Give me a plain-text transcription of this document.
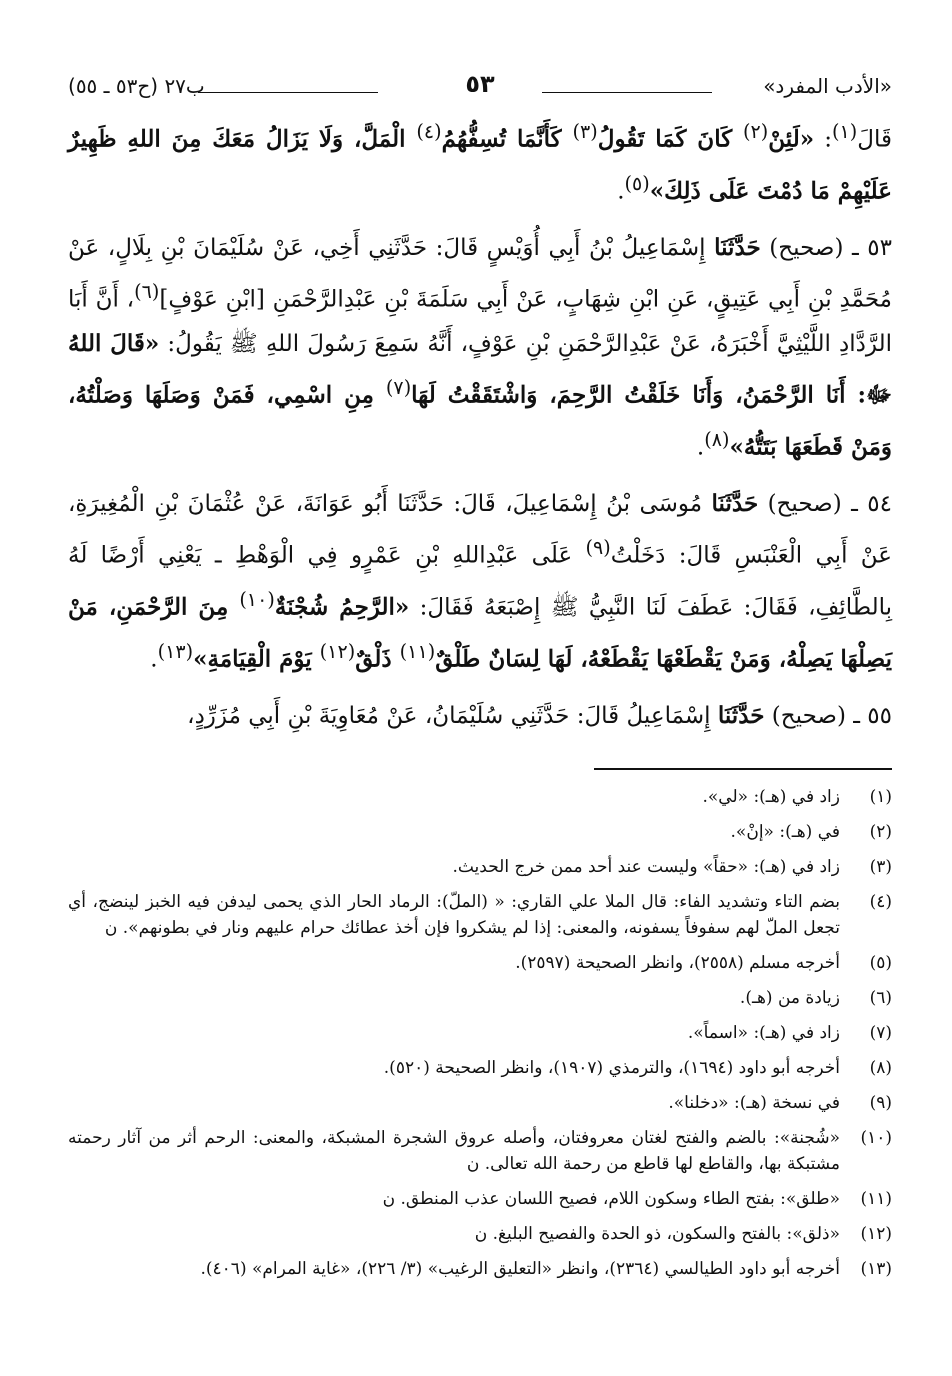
«الأدب المفرد»
٥٣
ب٢٧ (ح٥٣ ـ ٥٥)

قَالَ$^{(١)}$: «لَئِنْ$^{(٢)}$ كَانَ كَمَا تَقُولُ$^{(٣)}$ كَأَنَّمَا تُسِفُّهُمُ$^{(٤)}$ الْمَلَّ، وَلَا يَزَالُ مَعَكَ مِنَ اللهِ ظَهِيرٌ عَلَيْهِمْ مَا دُمْتَ عَلَى ذَلِكَ»$^{(٥)}$.

٥٣ ـ (صحيح) حَدَّثَنَا إِسْمَاعِيلُ بْنُ أَبِي أُوَيْسٍ قَالَ: حَدَّثَنِي أَخِي، عَنْ سُلَيْمَانَ بْنِ بِلَالٍ، عَنْ مُحَمَّدِ بْنِ أَبِي عَتِيقٍ، عَنِ ابْنِ شِهَابٍ، عَنْ أَبِي سَلَمَةَ بْنِ عَبْدِالرَّحْمَنِ [ابْنِ عَوْفٍ]$^{(٦)}$، أَنَّ أَبَا الرَّدَّادِ اللَّيْثِيَّ أَخْبَرَهُ، عَنْ عَبْدِالرَّحْمَنِ بْنِ عَوْفٍ، أَنَّهُ سَمِعَ رَسُولَ اللهِ ﷺ يَقُولُ: «قَالَ اللهُ ﷻ: أَنَا الرَّحْمَنُ، وَأَنَا خَلَقْتُ الرَّحِمَ، وَاشْتَقَقْتُ لَهَا$^{(٧)}$ مِنِ اسْمِي، فَمَنْ وَصَلَهَا وَصَلْتُهُ، وَمَنْ قَطَعَهَا بَتَتُّهُ»$^{(٨)}$.

٥٤ ـ (صحيح) حَدَّثَنَا مُوسَى بْنُ إِسْمَاعِيلَ، قَالَ: حَدَّثَنَا أَبُو عَوَانَةَ، عَنْ عُثْمَانَ بْنِ الْمُغِيرَةِ، عَنْ أَبِي الْعَنْبَسِ قَالَ: دَخَلْتُ$^{(٩)}$ عَلَى عَبْدِاللهِ بْنِ عَمْرٍو فِي الْوَهْطِ ـ يَعْنِي أَرْضًا لَهُ بِالطَّائِفِ، فَقَالَ: عَطَفَ لَنَا النَّبِيُّ ﷺ إِصْبَعَهُ فَقَالَ: «الرَّحِمُ شُجْنَةٌ$^{(١٠)}$ مِنَ الرَّحْمَنِ، مَنْ يَصِلْهَا يَصِلْهُ، وَمَنْ يَقْطَعْهَا يَقْطَعْهُ، لَهَا لِسَانٌ طَلْقٌ$^{(١١)}$ ذَلْقٌ$^{(١٢)}$ يَوْمَ الْقِيَامَةِ»$^{(١٣)}$.

٥٥ ـ (صحيح) حَدَّثَنَا إِسْمَاعِيلُ قَالَ: حَدَّثَنِي سُلَيْمَانُ، عَنْ مُعَاوِيَةَ بْنِ أَبِي مُزَرِّدٍ،

(١)
زاد في (هـ): «لي».
(٢)
في (هـ): «إنْ».
(٣)
زاد في (هـ): «حقاً» وليست عند أحد ممن خرج الحديث.
(٤)
بضم التاء وتشديد الفاء: قال الملا علي القاري: « (الملّ): الرماد الحار الذي يحمى ليدفن فيه الخبز لينضج، أي تجعل الملّ لهم سفوفاً يسفونه، والمعنى: إذا لم يشكروا فإن أخذ عطائك حرام عليهم ونار في بطونهم». ن
(٥)
أخرجه مسلم (٢٥٥٨)، وانظر الصحيحة (٢٥٩٧).
(٦)
زيادة من (هـ).
(٧)
زاد في (هـ): «اسماً».
(٨)
أخرجه أبو داود (١٦٩٤)، والترمذي (١٩٠٧)، وانظر الصحيحة (٥٢٠).
(٩)
في نسخة (هـ): «دخلنا».
(١٠)
«شُجنة»: بالضم والفتح لغتان معروفتان، وأصله عروق الشجرة المشبكة، والمعنى: الرحم أثر من آثار رحمته مشتبكة بها، والقاطع لها قاطع من رحمة الله تعالى. ن
(١١)
«طلق»: بفتح الطاء وسكون اللام، فصيح اللسان عذب المنطق. ن
(١٢)
«ذلق»: بالفتح والسكون، ذو الحدة والفصيح البليغ. ن
(١٣)
أخرجه أبو داود الطيالسي (٢٣٦٤)، وانظر «التعليق الرغيب» (٣/ ٢٢٦)، «غاية المرام» (٤٠٦).
